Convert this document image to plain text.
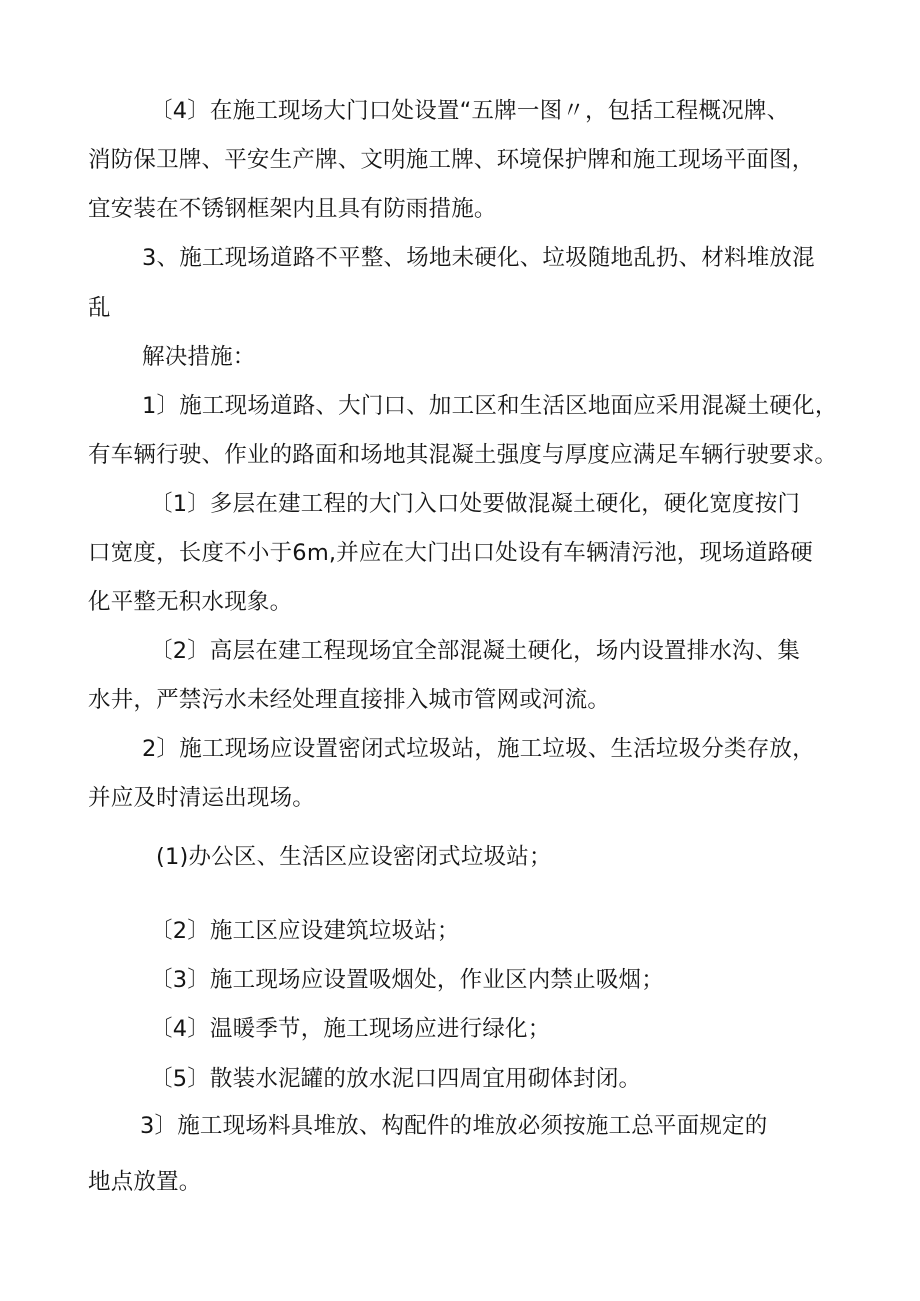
〔4〕在施工现场大门口处设置“五牌一图〃，包括工程概况牌、
消防保卫牌、平安生产牌、文明施工牌、环境保护牌和施工现场平面图，
宜安装在不锈钢框架内且具有防雨措施。
3、施工现场道路不平整、场地未硬化、垃圾随地乱扔、材料堆放混
乱
解决措施：
1〕施工现场道路、大门口、加工区和生活区地面应采用混凝土硬化，
有车辆行驶、作业的路面和场地其混凝土强度与厚度应满足车辆行驶要求。
〔1〕多层在建工程的大门入口处要做混凝土硬化，硬化宽度按门
口宽度，长度不小于6m,并应在大门出口处设有车辆清污池，现场道路硬
化平整无积水现象。
〔2〕高层在建工程现场宜全部混凝土硬化，场内设置排水沟、集
水井，严禁污水未经处理直接排入城市管网或河流。
2〕施工现场应设置密闭式垃圾站，施工垃圾、生活垃圾分类存放，
并应及时清运出现场。
(1)办公区、生活区应设密闭式垃圾站；
〔2〕施工区应设建筑垃圾站；
〔3〕施工现场应设置吸烟处，作业区内禁止吸烟；
〔4〕温暖季节，施工现场应进行绿化；
〔5〕散装水泥罐的放水泥口四周宜用砌体封闭。
3〕施工现场料具堆放、构配件的堆放必须按施工总平面规定的
地点放置。
